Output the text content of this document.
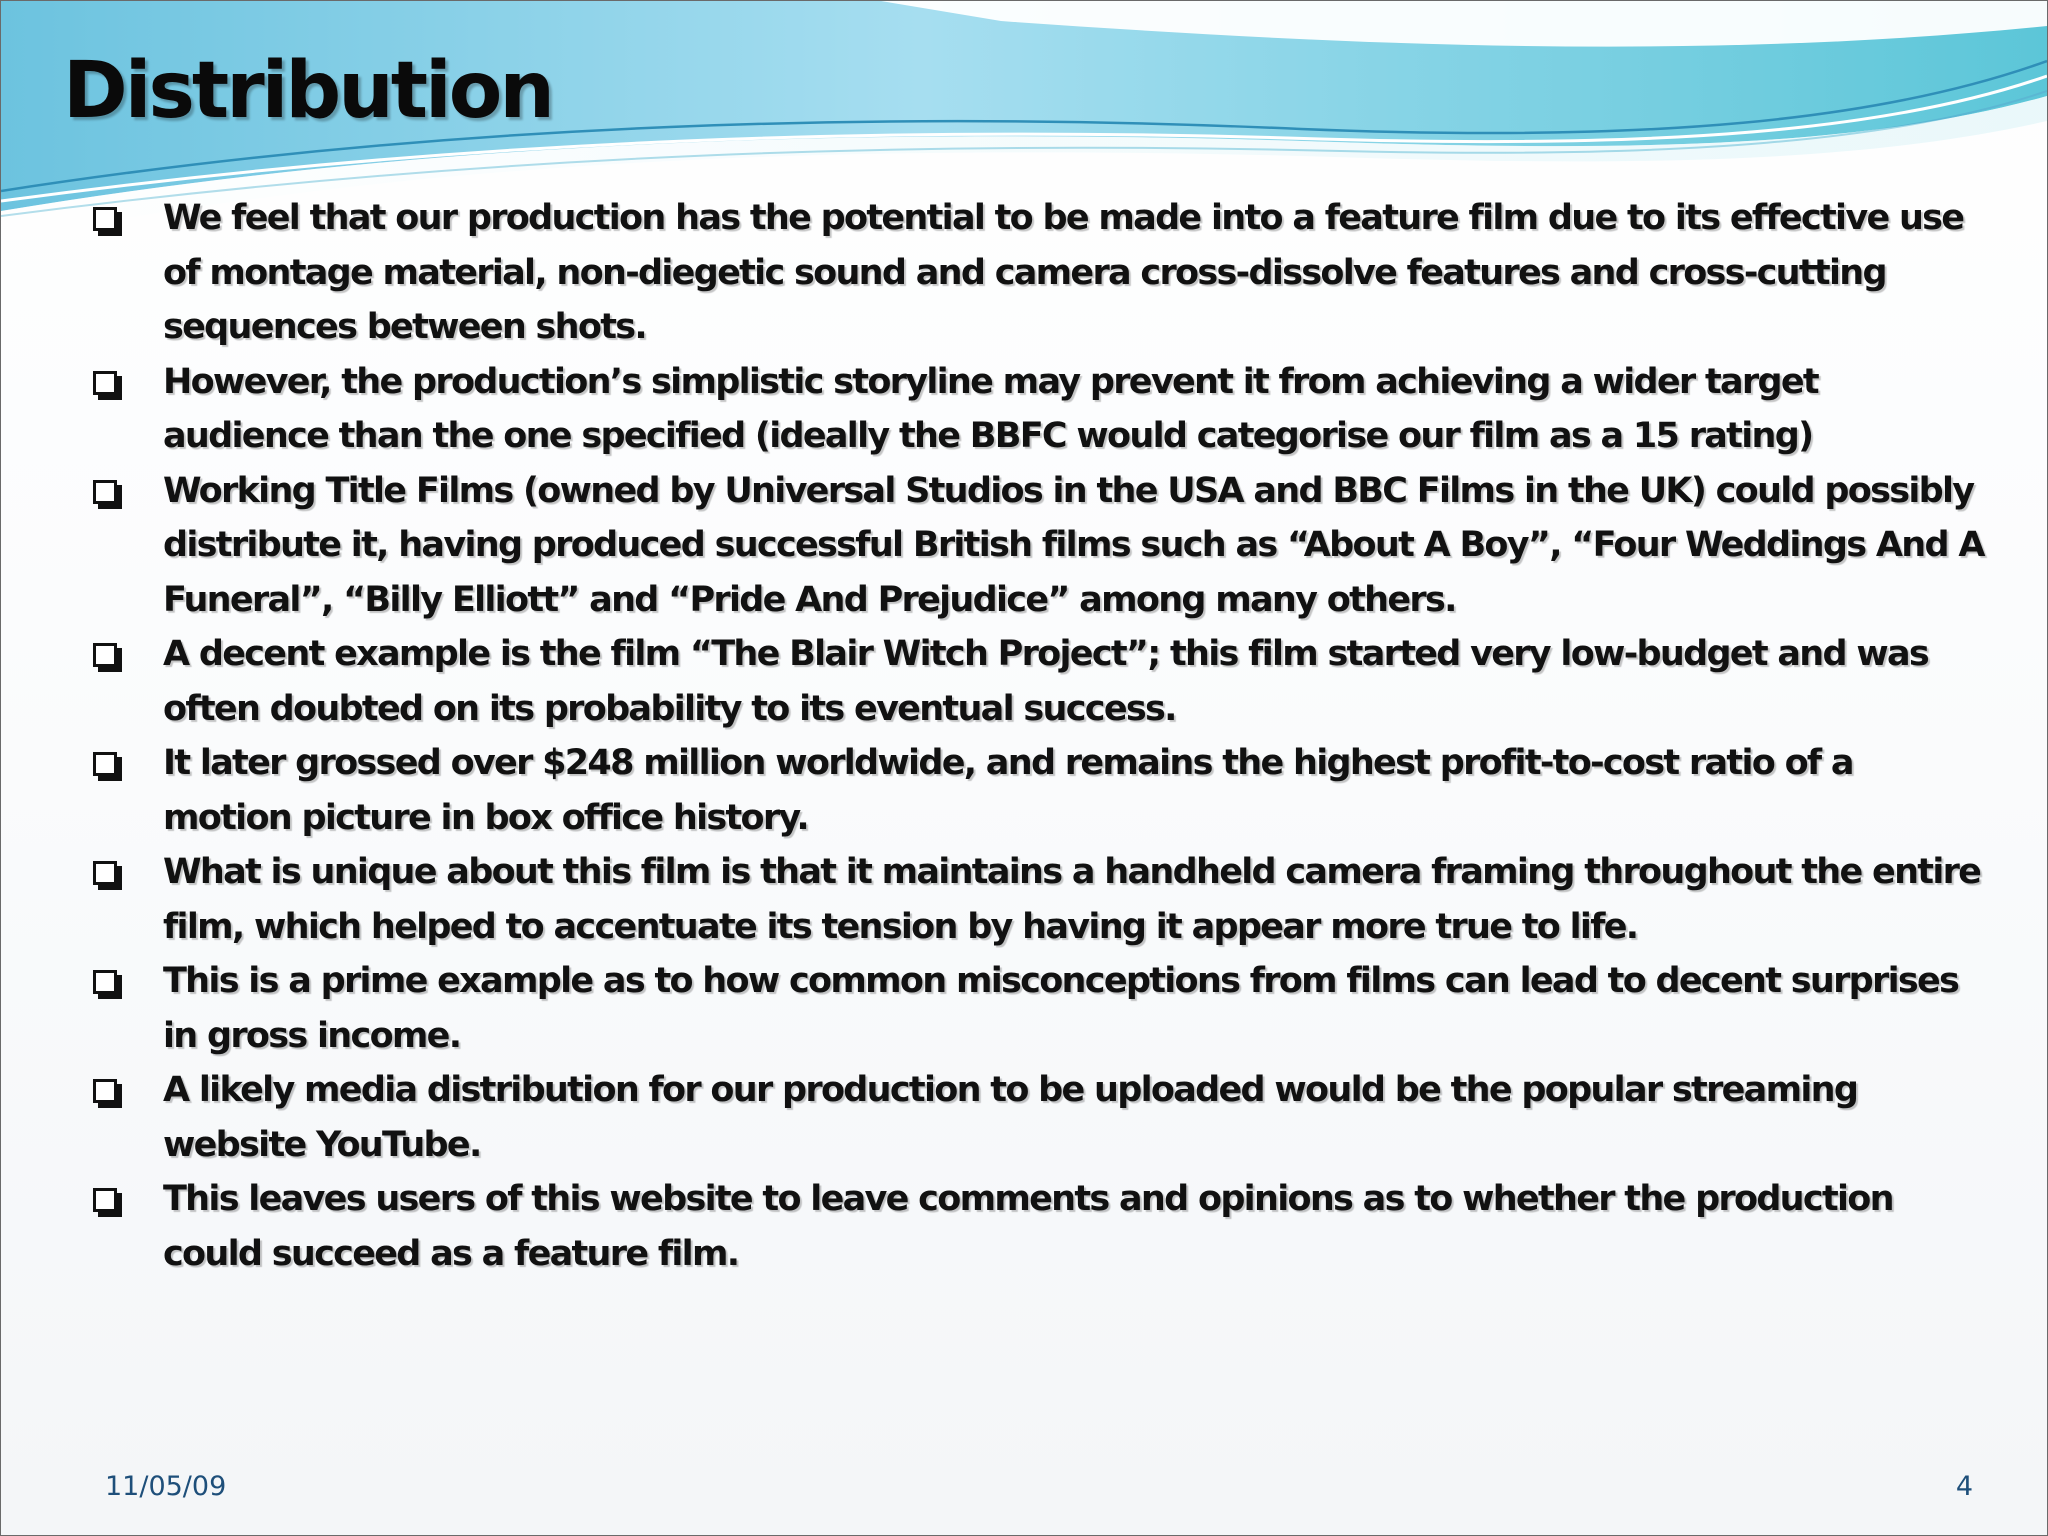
Distribution
We feel that our production has the potential to be made into a feature film due to its effective use of montage material, non-diegetic sound and camera cross-dissolve features and cross-cutting sequences between shots.
However, the production’s simplistic storyline may prevent it from achieving a wider target audience than the one specified (ideally the BBFC would categorise our film as a 15 rating)
Working Title Films (owned by Universal Studios in the USA and BBC Films in the UK) could possibly distribute it, having produced successful British films such as “About A Boy”, “Four Weddings And A Funeral”, “Billy Elliott” and “Pride And Prejudice” among many others.
A decent example is the film “The Blair Witch Project”; this film started very low-budget and was often doubted on its probability to its eventual success.
It later grossed over $248 million worldwide, and remains the highest profit-to-cost ratio of a motion picture in box office history.
What is unique about this film is that it maintains a handheld camera framing throughout the entire film, which helped to accentuate its tension by having it appear more true to life.
This is a prime example as to how common misconceptions from films can lead to decent surprises in gross income.
A likely media distribution for our production to be uploaded would be the popular streaming website YouTube.
This leaves users of this website to leave comments and opinions as to whether the production could succeed as a feature film.
11/05/09	4
